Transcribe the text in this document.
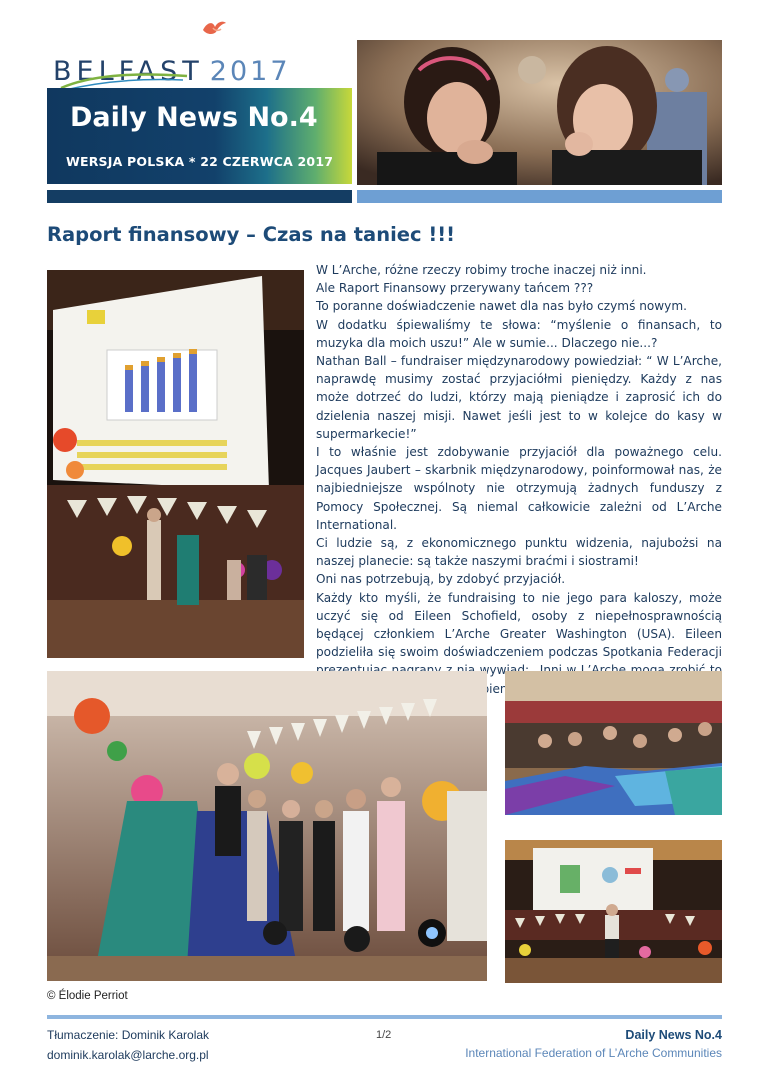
BELFAST 2017
Daily News No.4
WERSJA POLSKA * 22 CZERWCA 2017
Raport finansowy – Czas na taniec !!!

W L’Arche, różne rzeczy robimy troche inaczej niż inni.

Ale Raport Finansowy przerywany tańcem ???

To poranne doświadczenie nawet dla nas było czymś nowym.

W dodatku śpiewaliśmy te słowa: “myślenie o finansach, to muzyka dla moich uszu!” Ale w sumie... Dlaczego nie...?

Nathan Ball – fundraiser międzynarodowy powiedział: “ W L’Arche, naprawdę musimy zostać przyjaciółmi pieniędzy. Każdy z nas może dotrzeć do ludzi, którzy mają pieniądze i zaprosić ich do dzielenia naszej misji. Nawet jeśli jest to w kolejce do kasy w supermarkecie!”

I to właśnie jest zdobywanie przyjaciół dla poważnego celu. Jacques Jaubert – skarbnik międzynarodowy, poinformował nas, że najbiedniejsze wspólnoty nie otrzymują żadnych funduszy z Pomocy Społecznej. Są niemal całkowicie zależni od L’Arche International.

Ci ludzie są, z ekonomicznego punktu widzenia, najubożsi na naszej planecie: są także naszymi braćmi i siostrami!

Oni nas potrzebują, by zdobyć przyjaciół.

Każdy kto myśli, że fundraising to nie jego para kaloszy, może uczyć się od Eileen Schofield, osoby z niepełnosprawnością będącej członkiem L’Arche Greater Washington (USA). Eileen podzieliła się swoim doświadczeniem podczas Spotkania Federacji

© Élodie Perriot
Tłumaczenie: Dominik Karolak
dominik.karolak@larche.org.pl
1/2	Daily News No.4
International Federation of L’Arche Communities
